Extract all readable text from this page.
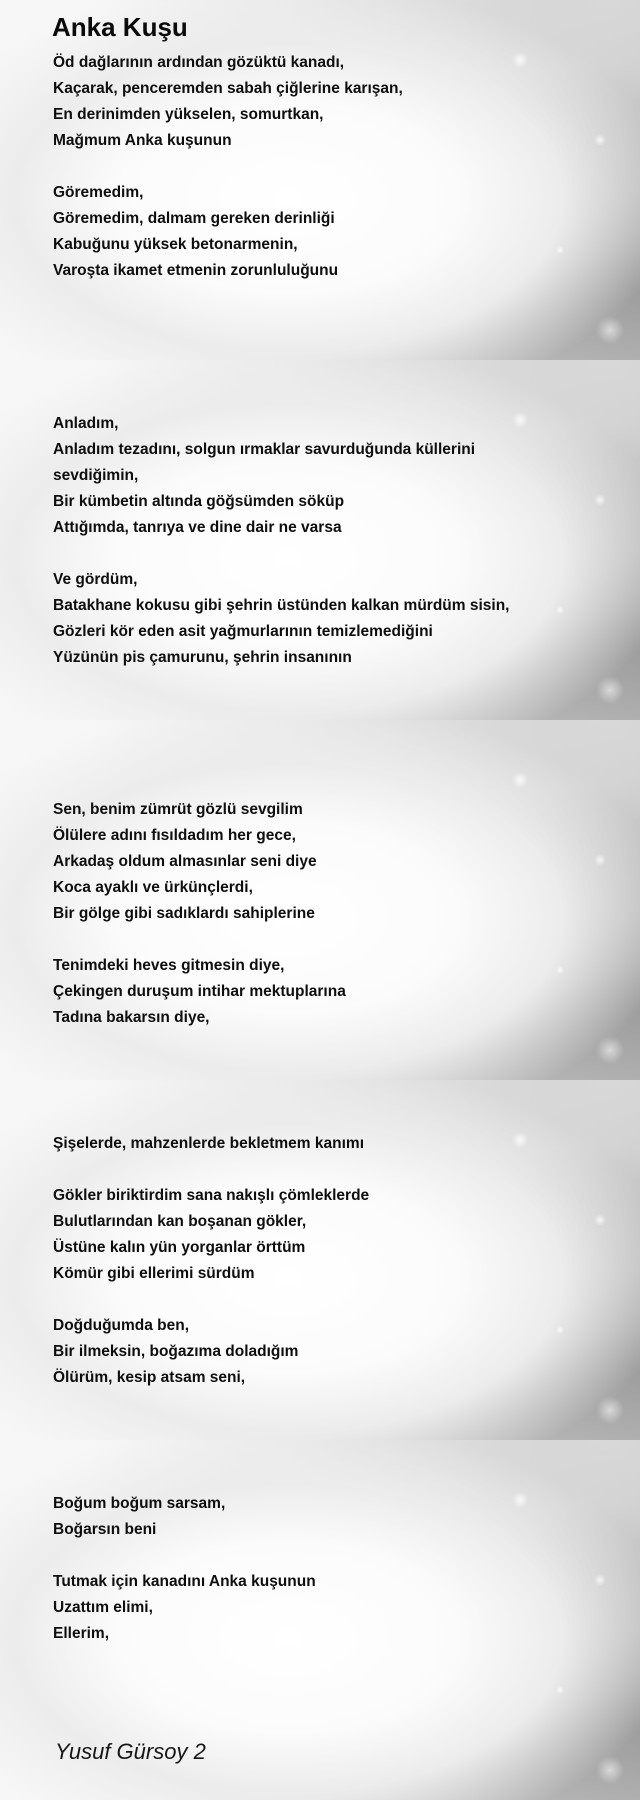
Anka Kuşu
Öd dağlarının ardından gözüktü kanadı,
Kaçarak, penceremden sabah çiğlerine karışan,
En derinimden yükselen, somurtkan,
Mağmum Anka kuşunun
Göremedim,
Göremedim, dalmam gereken derinliği
Kabuğunu yüksek betonarmenin,
Varoşta ikamet etmenin zorunluluğunu
Anladım,
Anladım tezadını, solgun ırmaklar savurduğunda küllerini
sevdiğimin,
Bir kümbetin altında göğsümden söküp
Attığımda, tanrıya ve dine dair ne varsa
Ve gördüm,
Batakhane kokusu gibi şehrin üstünden kalkan mürdüm sisin,
Gözleri kör eden asit yağmurlarının temizlemediğini
Yüzünün pis çamurunu, şehrin insanının
Sen, benim zümrüt gözlü sevgilim
Ölülere adını fısıldadım her gece,
Arkadaş oldum almasınlar seni diye
Koca ayaklı ve ürkünçlerdi,
Bir gölge gibi sadıklardı sahiplerine
Tenimdeki heves gitmesin diye,
Çekingen duruşum intihar mektuplarına
Tadına bakarsın diye,
Şişelerde, mahzenlerde bekletmem kanımı
Gökler biriktirdim sana nakışlı çömleklerde
Bulutlarından kan boşanan gökler,
Üstüne kalın yün yorganlar örttüm
Kömür gibi ellerimi sürdüm
Doğduğumda ben,
Bir ilmeksin, boğazıma doladığım
Ölürüm, kesip atsam seni,
Boğum boğum sarsam,
Boğarsın beni
Tutmak için kanadını Anka kuşunun
Uzattım elimi,
Ellerim,

Yusuf Gürsoy 2
